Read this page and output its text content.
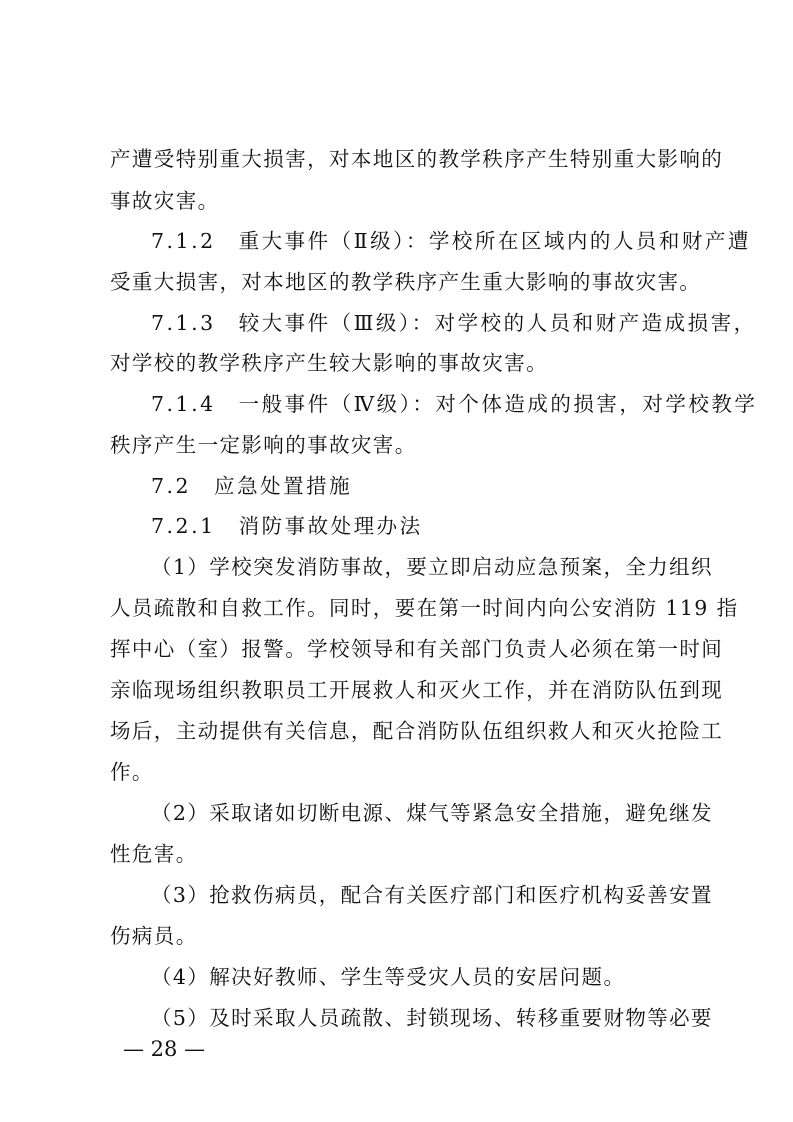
产遭受特别重大损害，对本地区的教学秩序产生特别重大影响的
事故灾害。
7.1.2　重大事件（Ⅱ级）：学校所在区域内的人员和财产遭
受重大损害，对本地区的教学秩序产生重大影响的事故灾害。
7.1.3　较大事件（Ⅲ级）：对学校的人员和财产造成损害，
对学校的教学秩序产生较大影响的事故灾害。
7.1.4　一般事件（Ⅳ级）：对个体造成的损害，对学校教学
秩序产生一定影响的事故灾害。
7.2　应急处置措施
7.2.1　消防事故处理办法
（1）学校突发消防事故，要立即启动应急预案，全力组织
人员疏散和自救工作。同时，要在第一时间内向公安消防 119 指
挥中心（室）报警。学校领导和有关部门负责人必须在第一时间
亲临现场组织教职员工开展救人和灭火工作，并在消防队伍到现
场后，主动提供有关信息，配合消防队伍组织救人和灭火抢险工
作。
（2）采取诸如切断电源、煤气等紧急安全措施，避免继发
性危害。
（3）抢救伤病员，配合有关医疗部门和医疗机构妥善安置
伤病员。
（4）解决好教师、学生等受灾人员的安居问题。
（5）及时采取人员疏散、封锁现场、转移重要财物等必要
— 28 —
